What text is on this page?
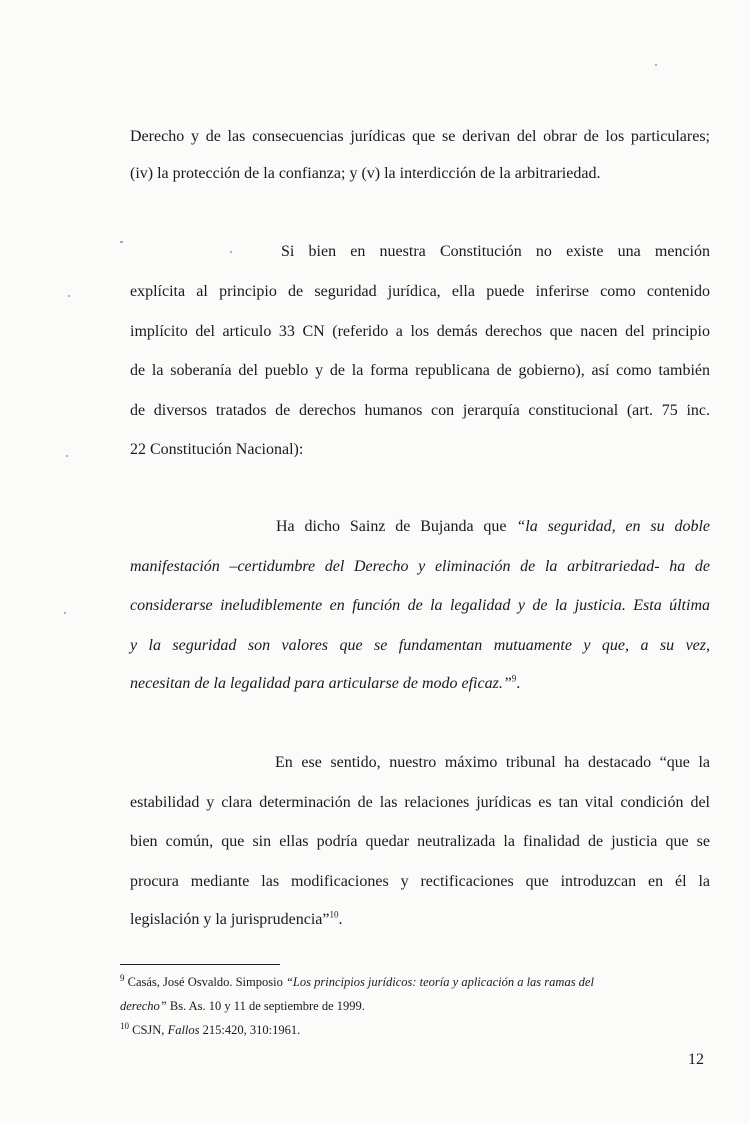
Derecho y de las consecuencias jurídicas que se derivan del obrar de los particulares;
(iv) la protección de la confianza; y (v) la interdicción de la arbitrariedad.
Si bien en nuestra Constitución no existe una mención
explícita al principio de seguridad jurídica, ella puede inferirse como contenido
implícito del articulo 33 CN (referido a los demás derechos que nacen del principio
de la soberanía del pueblo y de la forma republicana de gobierno), así como también
de diversos tratados de derechos humanos con jerarquía constitucional (art. 75 inc.
22 Constitución Nacional):
Ha dicho Sainz de Bujanda que “la seguridad, en su doble
manifestación –certidumbre del Derecho y eliminación de la arbitrariedad- ha de
considerarse ineludiblemente en función de la legalidad y de la justicia. Esta última
y la seguridad son valores que se fundamentan mutuamente y que, a su vez,
necesitan de la legalidad para articularse de modo eficaz.”$^9$.
En ese sentido, nuestro máximo tribunal ha destacado “que la
estabilidad y clara determinación de las relaciones jurídicas es tan vital condición del
bien común, que sin ellas podría quedar neutralizada la finalidad de justicia que se
procura mediante las modificaciones y rectificaciones que introduzcan en él la
legislación y la jurisprudencia”$^{10}$.
$^9$ Casás, José Osvaldo. Simposio “Los principios jurídicos: teoría y aplicación a las ramas del
derecho” Bs. As. 10 y 11 de septiembre de 1999.
$^{10}$ CSJN, Fallos 215:420, 310:1961.
12
